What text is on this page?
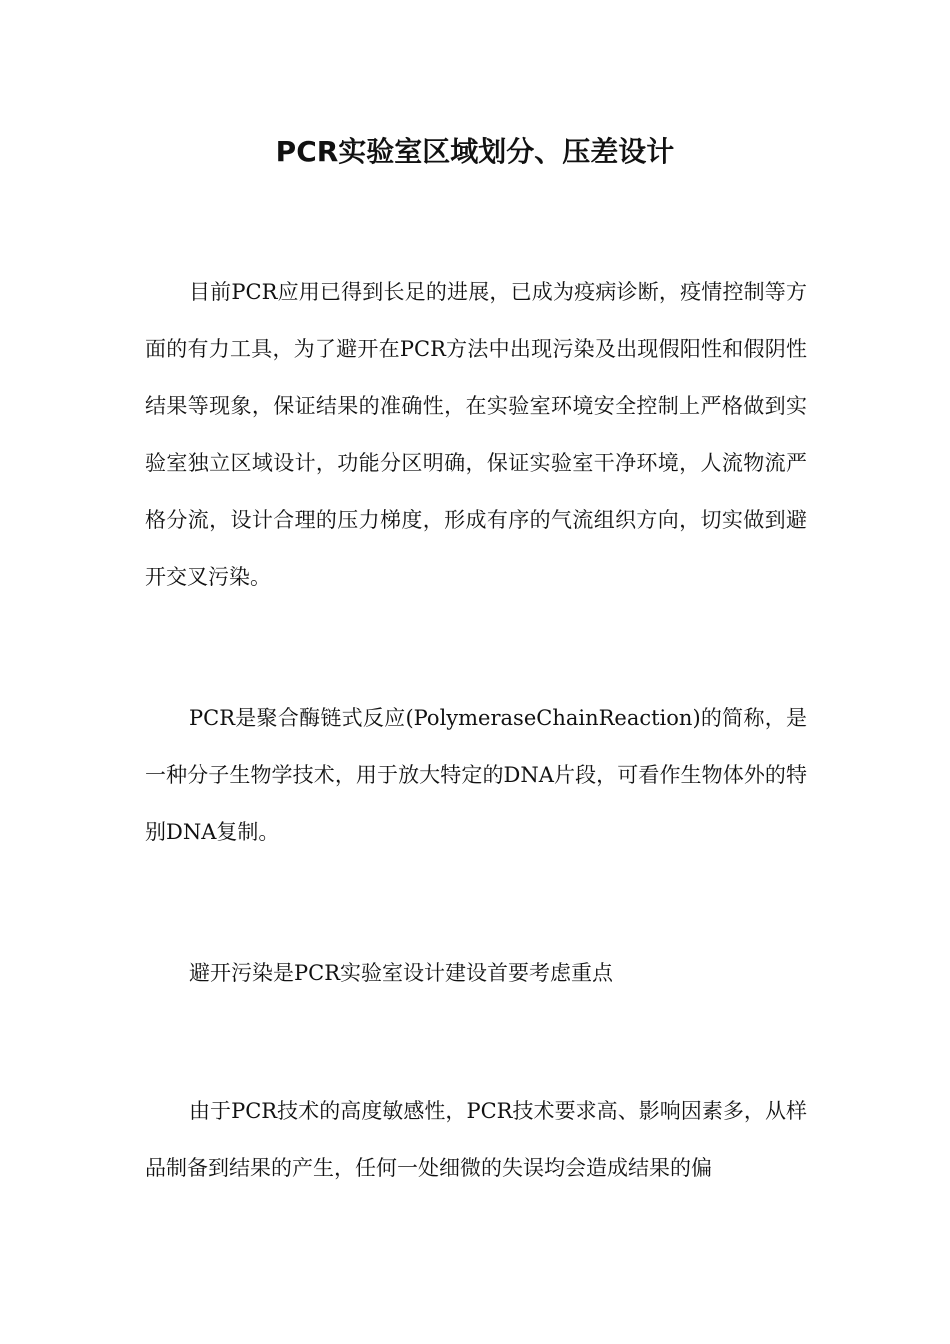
PCR实验室区域划分、压差设计

目前PCR应用已得到长足的进展，已成为疫病诊断，疫情控制等方面的有力工具，为了避开在PCR方法中出现污染及出现假阳性和假阴性结果等现象，保证结果的准确性，在实验室环境安全控制上严格做到实验室独立区域设计，功能分区明确，保证实验室干净环境，人流物流严格分流，设计合理的压力梯度，形成有序的气流组织方向，切实做到避开交叉污染。

PCR是聚合酶链式反应(PolymeraseChainReaction)的简称，是一种分子生物学技术，用于放大特定的DNA片段，可看作生物体外的特别DNA复制。

避开污染是PCR实验室设计建设首要考虑重点

由于PCR技术的高度敏感性，PCR技术要求高、影响因素多，从样品制备到结果的产生，任何一处细微的失误均会造成结果的偏
